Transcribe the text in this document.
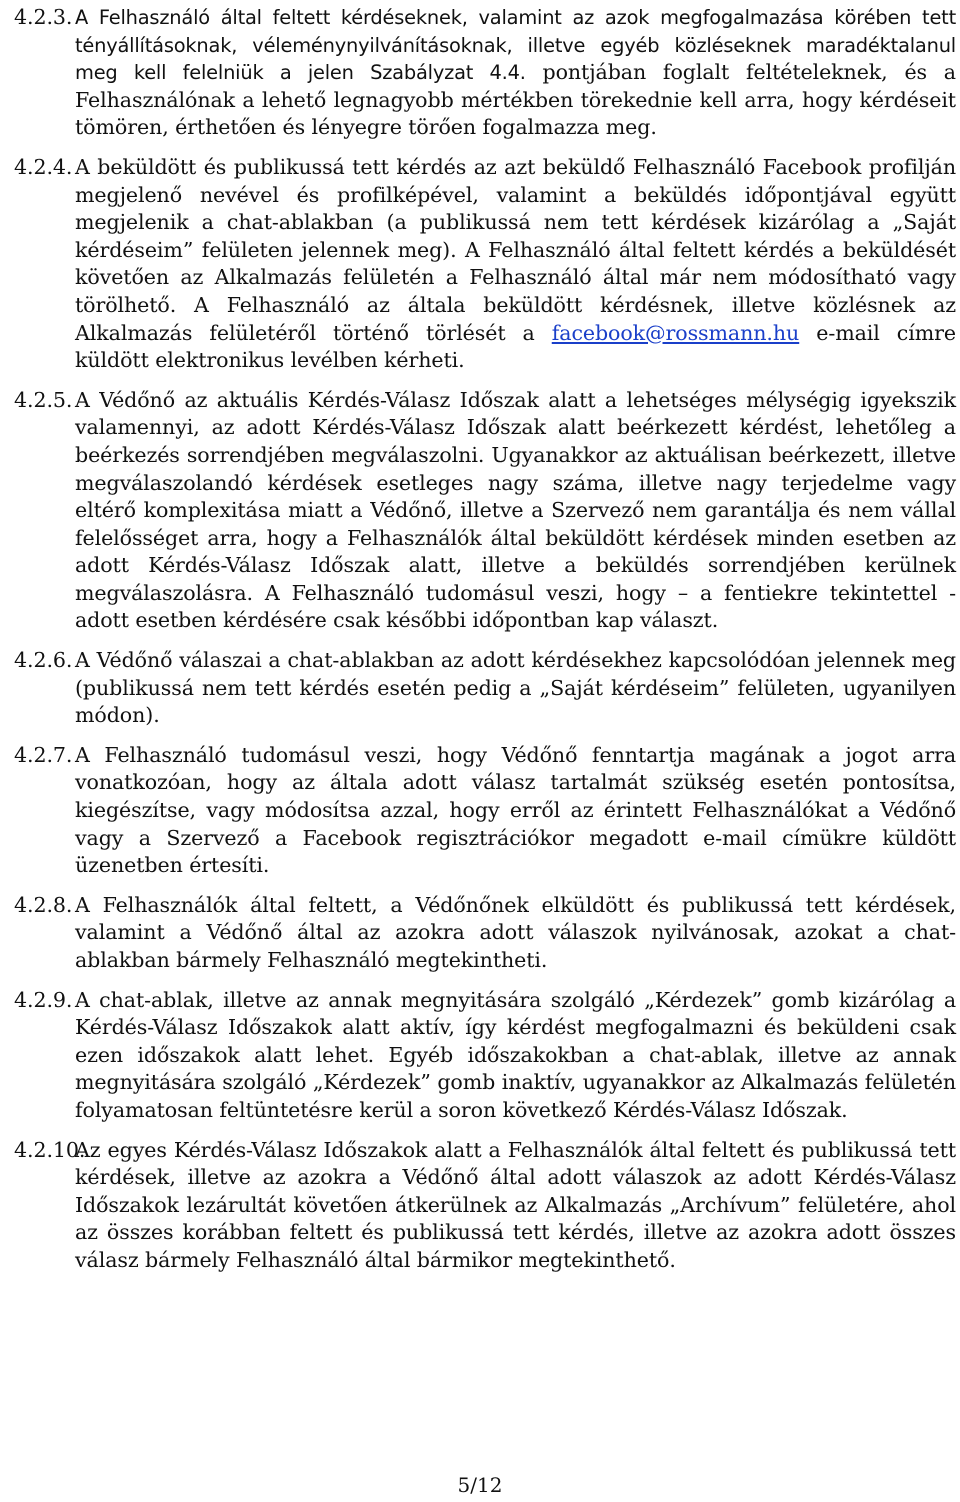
4.2.3. A Felhasználó által feltett kérdéseknek, valamint az azok megfogalmazása körében tett tényállításoknak, véleménynyilvánításoknak, illetve egyéb közléseknek maradéktalanul meg kell felelniük a jelen Szabályzat 4.4. pontjában foglalt feltételeknek, és a Felhasználónak a lehető legnagyobb mértékben törekednie kell arra, hogy kérdéseit tömören, érthetően és lényegre törően fogalmazza meg.
4.2.4. A beküldött és publikussá tett kérdés az azt beküldő Felhasználó Facebook profilján megjelenő nevével és profilképével, valamint a beküldés időpontjával együtt megjelenik a chat-ablakban (a publikussá nem tett kérdések kizárólag a „Saját kérdéseim” felületen jelennek meg). A Felhasználó által feltett kérdés a beküldését követően az Alkalmazás felületén a Felhasználó által már nem módosítható vagy törölhető. A Felhasználó az általa beküldött kérdésnek, illetve közlésnek az Alkalmazás felületéről történő törlését a facebook@rossmann.hu e-mail címre küldött elektronikus levélben kérheti.
4.2.5. A Védőnő az aktuális Kérdés-Válasz Időszak alatt a lehetséges mélységig igyekszik valamennyi, az adott Kérdés-Válasz Időszak alatt beérkezett kérdést, lehetőleg a beérkezés sorrendjében megválaszolni. Ugyanakkor az aktuálisan beérkezett, illetve megválaszolandó kérdések esetleges nagy száma, illetve nagy terjedelme vagy eltérő komplexitása miatt a Védőnő, illetve a Szervező nem garantálja és nem vállal felelősséget arra, hogy a Felhasználók által beküldött kérdések minden esetben az adott Kérdés-Válasz Időszak alatt, illetve a beküldés sorrendjében kerülnek megválaszolásra. A Felhasználó tudomásul veszi, hogy – a fentiekre tekintettel - adott esetben kérdésére csak későbbi időpontban kap választ.
4.2.6. A Védőnő válaszai a chat-ablakban az adott kérdésekhez kapcsolódóan jelennek meg (publikussá nem tett kérdés esetén pedig a „Saját kérdéseim” felületen, ugyanilyen módon).
4.2.7. A Felhasználó tudomásul veszi, hogy Védőnő fenntartja magának a jogot arra vonatkozóan, hogy az általa adott válasz tartalmát szükség esetén pontosítsa, kiegészítse, vagy módosítsa azzal, hogy erről az érintett Felhasználókat a Védőnő vagy a Szervező a Facebook regisztrációkor megadott e-mail címükre küldött üzenetben értesíti.
4.2.8. A Felhasználók által feltett, a Védőnőnek elküldött és publikussá tett kérdések, valamint a Védőnő által az azokra adott válaszok nyilvánosak, azokat a chat-ablakban bármely Felhasználó megtekintheti.
4.2.9. A chat-ablak, illetve az annak megnyitására szolgáló „Kérdezek” gomb kizárólag a Kérdés-Válasz Időszakok alatt aktív, így kérdést megfogalmazni és beküldeni csak ezen időszakok alatt lehet. Egyéb időszakokban a chat-ablak, illetve az annak megnyitására szolgáló „Kérdezek” gomb inaktív, ugyanakkor az Alkalmazás felületén folyamatosan feltüntetésre kerül a soron következő Kérdés-Válasz Időszak.
4.2.10.
Az egyes Kérdés-Válasz Időszakok alatt a Felhasználók által feltett és publikussá tett kérdések, illetve az azokra a Védőnő által adott válaszok az adott Kérdés-Válasz Időszakok lezárultát követően átkerülnek az Alkalmazás „Archívum” felületére, ahol az összes korábban feltett és publikussá tett kérdés, illetve az azokra adott összes válasz bármely Felhasználó által bármikor megtekinthető.
5/12
